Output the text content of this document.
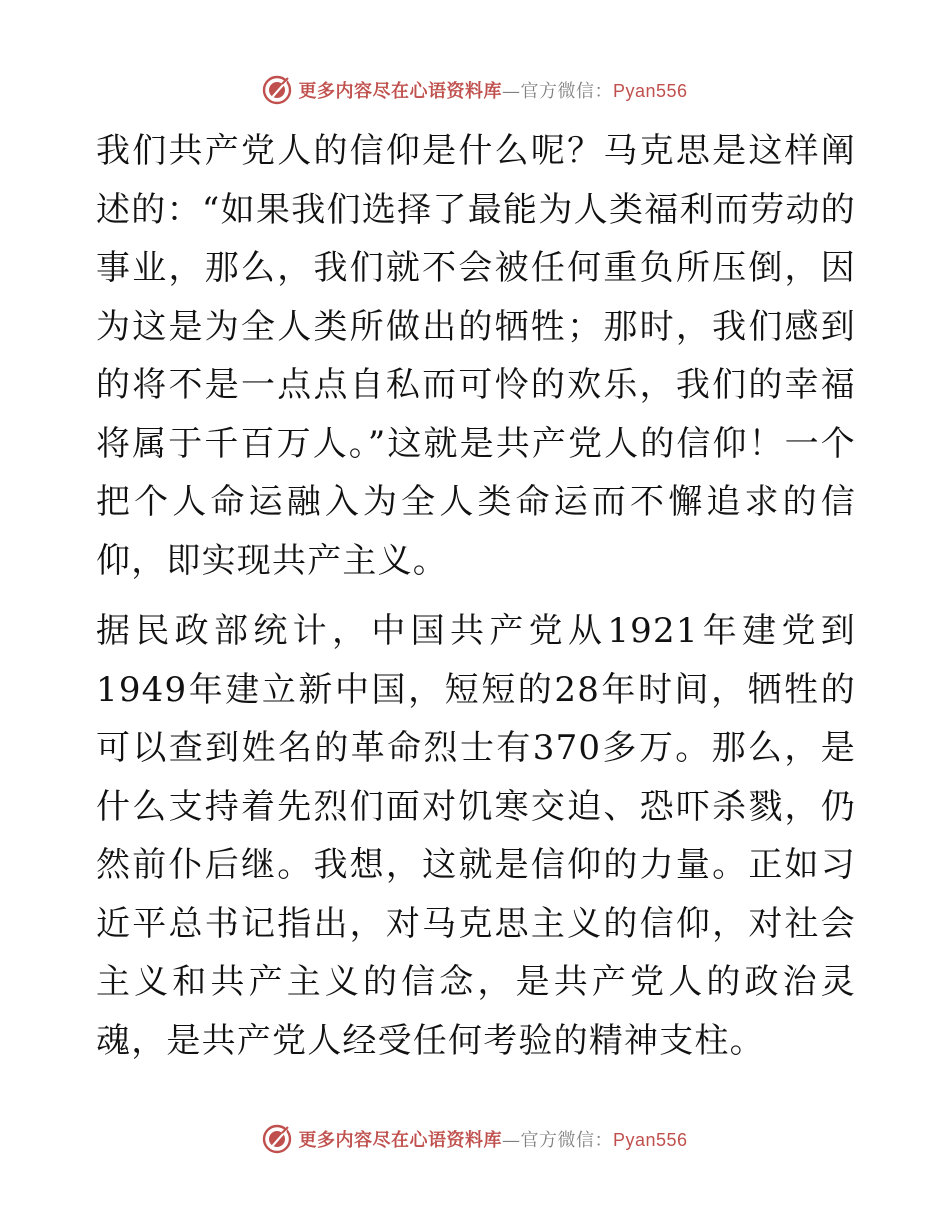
更多内容尽在心语资料库—官方微信：Pyan556

我们共产党人的信仰是什么呢？马克思是这样阐述的：“如果我们选择了最能为人类福利而劳动的事业，那么，我们就不会被任何重负所压倒，因为这是为全人类所做出的牺牲；那时，我们感到的将不是一点点自私而可怜的欢乐，我们的幸福将属于千百万人。”这就是共产党人的信仰！一个把个人命运融入为全人类命运而不懈追求的信仰，即实现共产主义。

据民政部统计，中国共产党从1921年建党到1949年建立新中国，短短的28年时间，牺牲的可以查到姓名的革命烈士有370多万。那么，是什么支持着先烈们面对饥寒交迫、恐吓杀戮，仍然前仆后继。我想，这就是信仰的力量。正如习近平总书记指出，对马克思主义的信仰，对社会主义和共产主义的信念，是共产党人的政治灵魂，是共产党人经受任何考验的精神支柱。

更多内容尽在心语资料库—官方微信：Pyan556
